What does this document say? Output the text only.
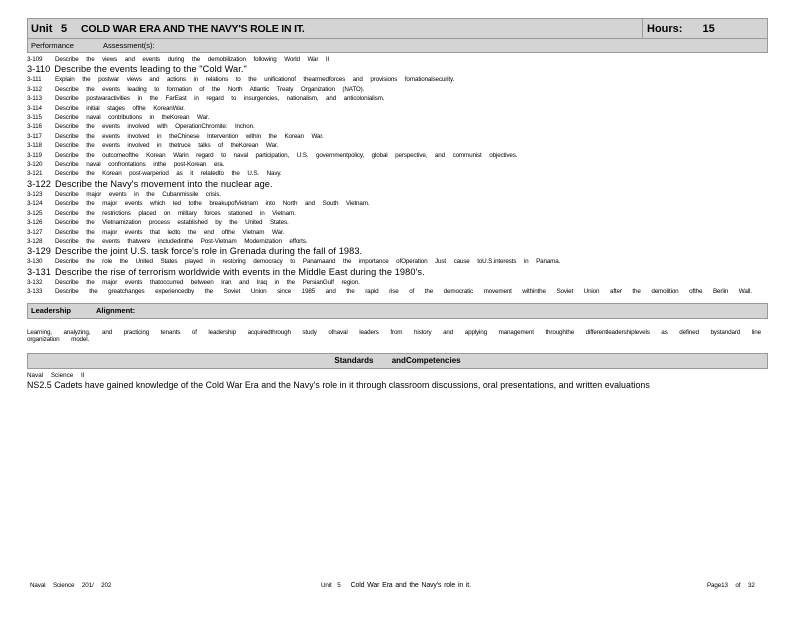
Unit 5	COLD WAR ERA AND THE NAVY'S ROLE IN IT.	Hours: 15
Performance	Assessment(s):
3-109	Describe the views and events during the demobilization following World War II
3-110 Describe the events leading to the "Cold War."
3-111	Explain the postwar views and actions in relations to the unificationof thearmedforces and provisions fornationalsecurity.
3-112	Describe the events leading to formation of the North Atlantic Treaty Organization (NATO).
3-113	Describe postwaractivities in the FarEast in regard to insurgencies, nationalism, and anticolonialism.
3-114	Describe initial stages ofthe KoreanWar.
3-115	Describe naval contributions in theKorean War.
3-116	Describe the events involved with OperationChromite: Inchon.
3-117	Describe the events involved in theChinese Intervention within the Korean War.
3-118	Describe the events involved in thetruce talks of theKorean War.
3-119	Describe the outcomeofthe Korean Warin regard to naval participation, U.S. governmentpolicy, global perspective, and communist objectives.
3-120	Describe naval confrontations inthe post-Korean era.
3-121	Describe the Korean post-warperiod as it relatedto the U.S. Navy.
3-122 Describe the Navy's movement into the nuclear age.
3-123	Describe major events in the Cubanmissile crisis.
3-124	Describe the major events which led tothe breakupofVietnam into North and South Vietnam.
3-125	Describe the restrictions placed on military forces stationed in Vietnam.
3-126	Describe the Vietnamization process established by the United States.
3-127	Describe the major events that ledto the end ofthe Vietnam War.
3-128	Describe the events thatwere includedinthe Post-Vietnam Modernization efforts.
3-129 Describe the joint U.S. task force's role in Grenada during the fall of 1983.
3-130	Describe the role the United States played in restoring democracy to Panamaand the importance ofOperation Just cause toU.S.interests in Panama.
3-131 Describe the rise of terrorism worldwide with events in the Middle East during the 1980's.
3-132	Describe the major events thatoccurred between Iran and Iraq in the PersianGulf region.
3-133	Describe the greatchanges experiencedby the Soviet Union since 1985 and the rapid rise of the democratic movement withinthe Soviet Union after the demolition ofthe Berlin Wall.
Leadership	Alignment:
Learning, analyzing, and practicing tenants of leadership acquiredthrough study ofnaval leaders from history and applying management throughthe differentleadershiplevels as defined bystandard line organization model.
Standards andCompetencies
Naval Science II
NS2.5 Cadets have gained knowledge of the Cold War Era and the Navy's role in it through classroom discussions, oral presentations, and written evaluations
Naval Science 201/ 202	Unit 5 Cold War Era and the Navy's role in it.	Page13 of 32
